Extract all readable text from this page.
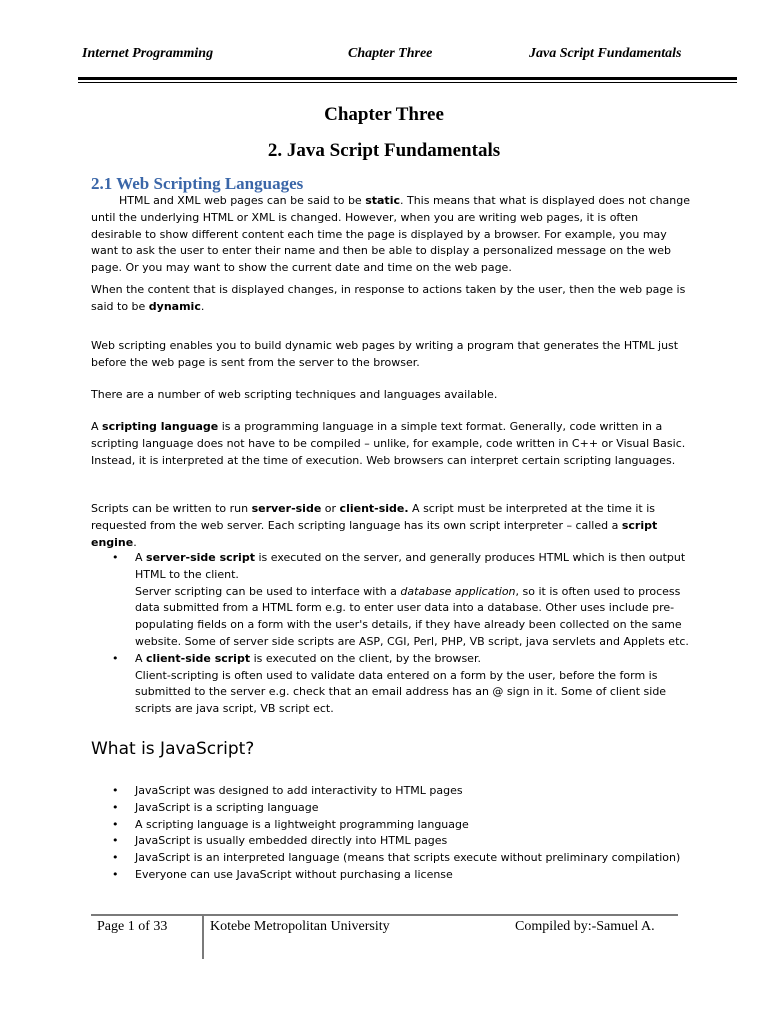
Internet Programming	Chapter Three	Java Script Fundamentals
Chapter Three
2. Java Script Fundamentals
2.1 Web Scripting Languages

HTML and XML web pages can be said to be static. This means that what is displayed does not change until the underlying HTML or XML is changed. However, when you are writing web pages, it is often desirable to show different content each time the page is displayed by a browser. For example, you may want to ask the user to enter their name and then be able to display a personalized message on the web page. Or you may want to show the current date and time on the web page.

When the content that is displayed changes, in response to actions taken by the user, then the web page is said to be dynamic.

Web scripting enables you to build dynamic web pages by writing a program that generates the HTML just before the web page is sent from the server to the browser.

There are a number of web scripting techniques and languages available.

A scripting language is a programming language in a simple text format. Generally, code written in a scripting language does not have to be compiled – unlike, for example, code written in C++ or Visual Basic. Instead, it is interpreted at the time of execution. Web browsers can interpret certain scripting languages.

Scripts can be written to run server-side or client-side. A script must be interpreted at the time it is requested from the web server. Each scripting language has its own script interpreter – called a script engine.

• A server-side script is executed on the server, and generally produces HTML which is then output HTML to the client.
Server scripting can be used to interface with a database application, so it is often used to process data submitted from a HTML form e.g. to enter user data into a database. Other uses include pre-populating fields on a form with the user's details, if they have already been collected on the same website. Some of server side scripts are ASP, CGI, Perl, PHP, VB script, java servlets and Applets etc.
• A client-side script is executed on the client, by the browser.
Client-scripting is often used to validate data entered on a form by the user, before the form is submitted to the server e.g. check that an email address has an @ sign in it. Some of client side scripts are java script, VB script ect.
What is JavaScript?
• JavaScript was designed to add interactivity to HTML pages
• JavaScript is a scripting language
• A scripting language is a lightweight programming language
• JavaScript is usually embedded directly into HTML pages
• JavaScript is an interpreted language (means that scripts execute without preliminary compilation)
• Everyone can use JavaScript without purchasing a license
Page 1 of 33	Kotebe Metropolitan University	Compiled by:-Samuel A.
